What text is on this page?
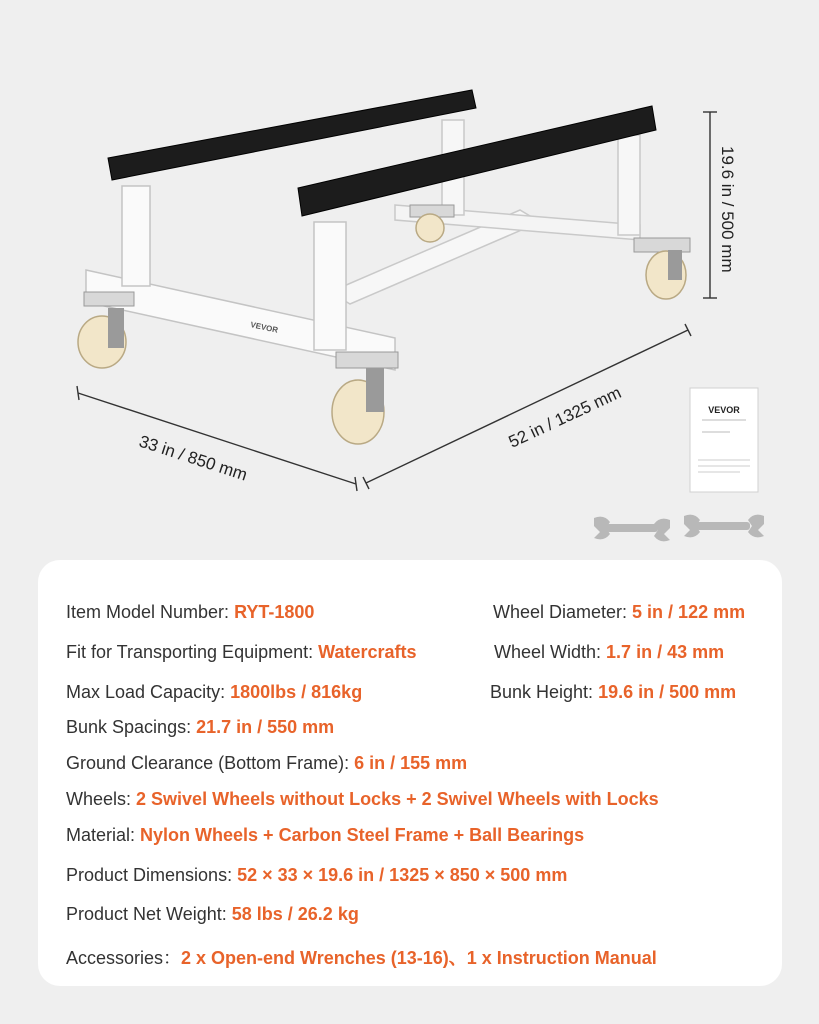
VEVOR
33 in / 850 mm
52 in / 1325 mm
19.6 in / 500 mm
VEVOR
Item Model Number: RYT-1800
Fit for Transporting Equipment: Watercrafts
Max Load Capacity: 1800lbs / 816kg
Bunk Spacings: 21.7 in / 550 mm
Ground Clearance (Bottom Frame): 6 in / 155 mm
Wheels: 2 Swivel Wheels without Locks + 2 Swivel Wheels with Locks
Material: Nylon Wheels + Carbon Steel Frame + Ball Bearings
Product Dimensions: 52 × 33 × 19.6 in / 1325 × 850 × 500 mm
Product Net Weight: 58 lbs / 26.2 kg
Accessories：2 x Open-end Wrenches (13-16)、1 x Instruction Manual
Wheel Diameter: 5 in / 122 mm
Wheel Width: 1.7 in / 43 mm
Bunk Height: 19.6 in / 500 mm
